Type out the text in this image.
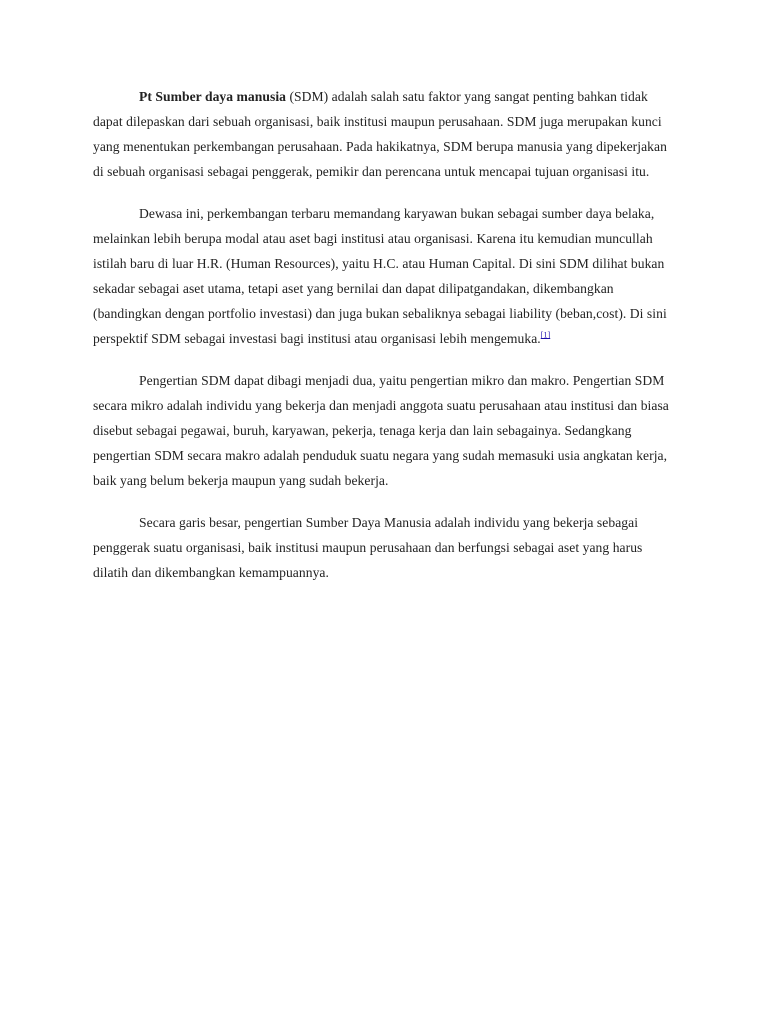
Pt Sumber daya manusia (SDM) adalah salah satu faktor yang sangat penting bahkan tidak dapat dilepaskan dari sebuah organisasi, baik institusi maupun perusahaan. SDM juga merupakan kunci yang menentukan perkembangan perusahaan. Pada hakikatnya, SDM berupa manusia yang dipekerjakan di sebuah organisasi sebagai penggerak, pemikir dan perencana untuk mencapai tujuan organisasi itu.

Dewasa ini, perkembangan terbaru memandang karyawan bukan sebagai sumber daya belaka, melainkan lebih berupa modal atau aset bagi institusi atau organisasi. Karena itu kemudian muncullah istilah baru di luar H.R. (Human Resources), yaitu H.C. atau Human Capital. Di sini SDM dilihat bukan sekadar sebagai aset utama, tetapi aset yang bernilai dan dapat dilipatgandakan, dikembangkan (bandingkan dengan portfolio investasi) dan juga bukan sebaliknya sebagai liability (beban,cost). Di sini perspektif SDM sebagai investasi bagi institusi atau organisasi lebih mengemuka.[1]

Pengertian SDM dapat dibagi menjadi dua, yaitu pengertian mikro dan makro. Pengertian SDM secara mikro adalah individu yang bekerja dan menjadi anggota suatu perusahaan atau institusi dan biasa disebut sebagai pegawai, buruh, karyawan, pekerja, tenaga kerja dan lain sebagainya. Sedangkang pengertian SDM secara makro adalah penduduk suatu negara yang sudah memasuki usia angkatan kerja, baik yang belum bekerja maupun yang sudah bekerja.

Secara garis besar, pengertian Sumber Daya Manusia adalah individu yang bekerja sebagai penggerak suatu organisasi, baik institusi maupun perusahaan dan berfungsi sebagai aset yang harus dilatih dan dikembangkan kemampuannya.
